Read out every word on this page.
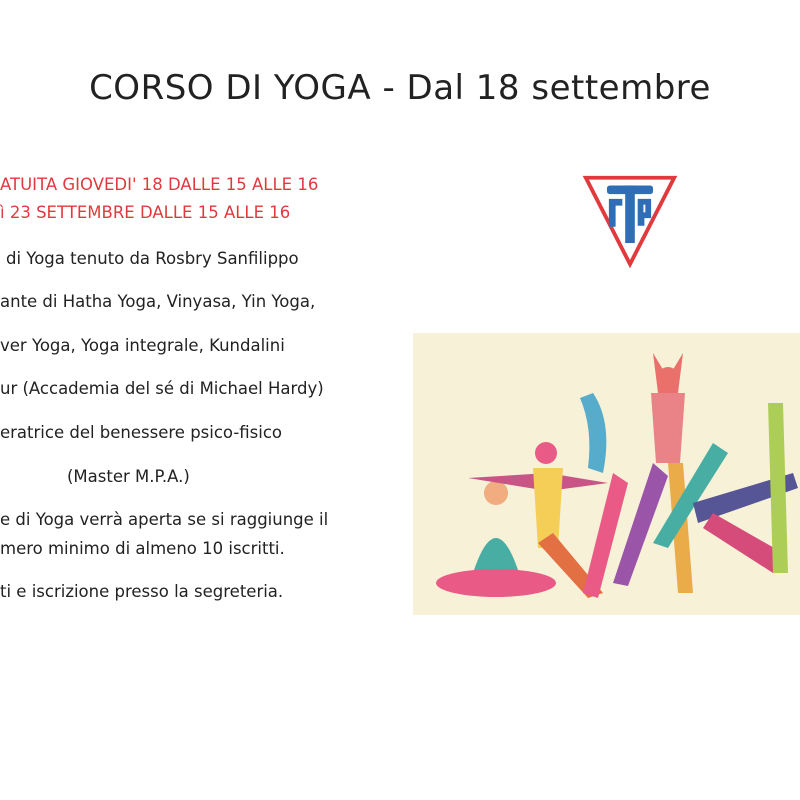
CORSO DI YOGA - Dal 18 settembre
ATUITA GIOVEDI' 18 DALLE 15 ALLE 16
ì 23 SETTEMBRE DALLE 15 ALLE 16
di Yoga tenuto da Rosbry Sanfilippo
ante di Hatha Yoga, Vinyasa, Yin Yoga,
ver Yoga, Yoga integrale, Kundalini
ur (Accademia del sé di Michael Hardy)
eratrice del benessere psico-fisico
(Master M.P.A.)
e di Yoga verrà aperta se si raggiunge il
mero minimo di almeno 10 iscritti.
ti e iscrizione presso la segreteria.
